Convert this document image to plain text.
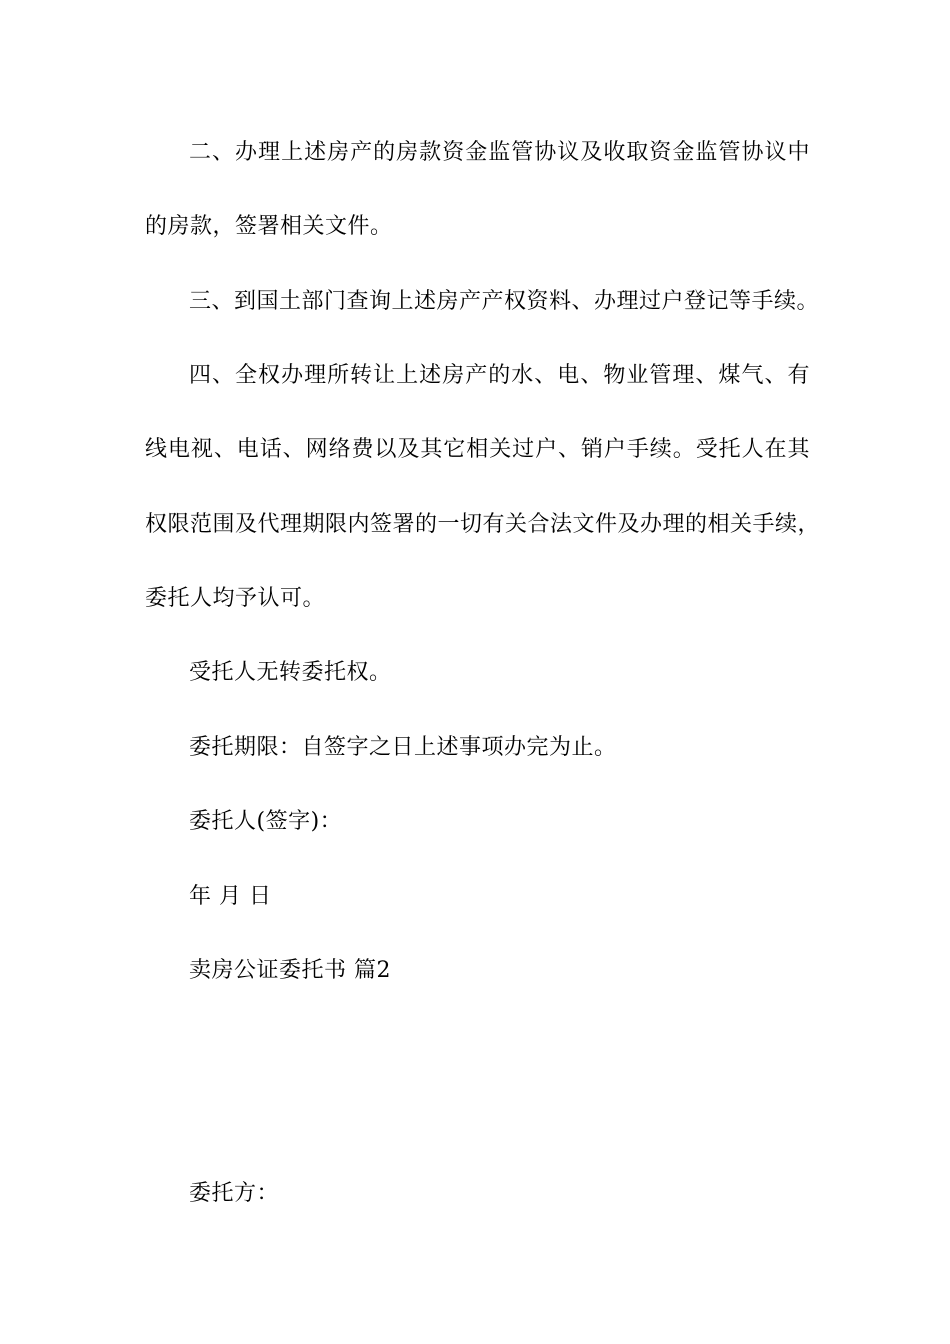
二、办理上述房产的房款资金监管协议及收取资金监管协议中
的房款，签署相关文件。
三、到国土部门查询上述房产产权资料、办理过户登记等手续。
四、全权办理所转让上述房产的水、电、物业管理、煤气、有
线电视、电话、网络费以及其它相关过户、销户手续。受托人在其
权限范围及代理期限内签署的一切有关合法文件及办理的相关手续，
委托人均予认可。
受托人无转委托权。
委托期限：自签字之日上述事项办完为止。
委托人(签字)：
年 月 日
卖房公证委托书 篇2
委托方：
